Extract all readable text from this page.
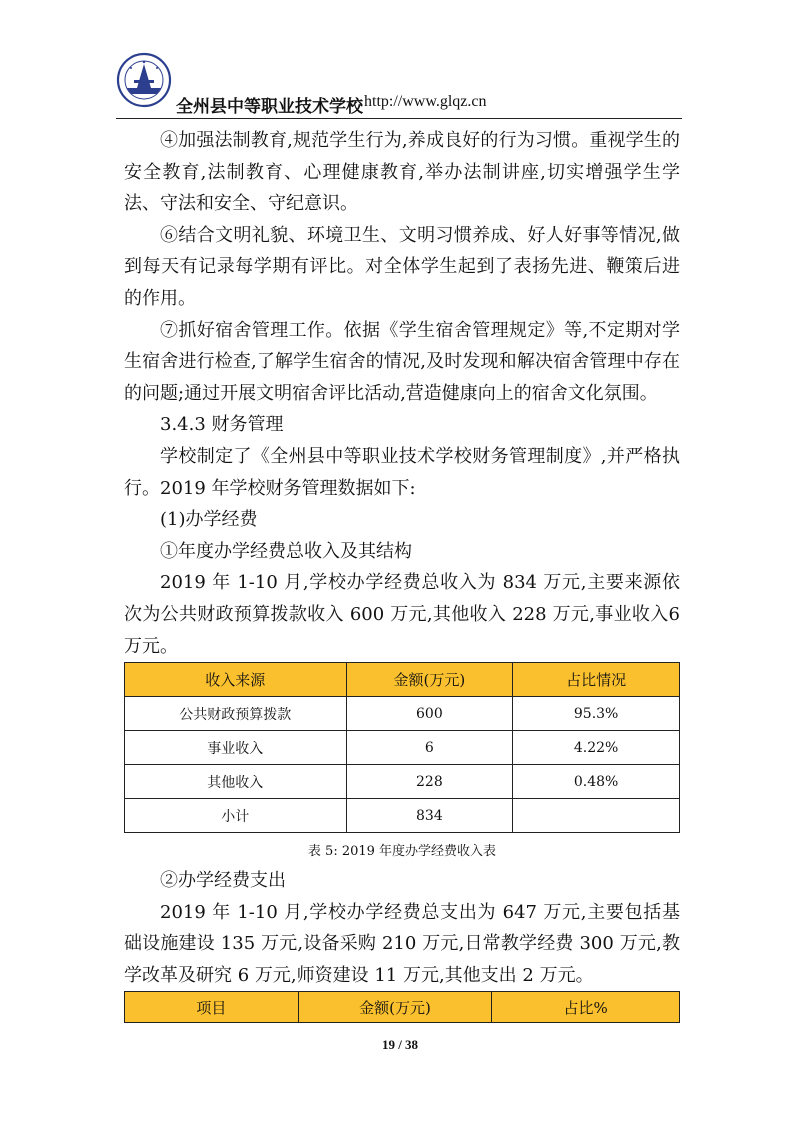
全州县中等职业技术学校 http://www.glqz.cn

④加强法制教育,规范学生行为,养成良好的行为习惯。重视学生的安全教育,法制教育、心理健康教育,举办法制讲座,切实增强学生学法、守法和安全、守纪意识。

⑥结合文明礼貌、环境卫生、文明习惯养成、好人好事等情况,做到每天有记录每学期有评比。对全体学生起到了表扬先进、鞭策后进的作用。

⑦抓好宿舍管理工作。依据《学生宿舍管理规定》等,不定期对学生宿舍进行检查,了解学生宿舍的情况,及时发现和解决宿舍管理中存在的问题;通过开展文明宿舍评比活动,营造健康向上的宿舍文化氛围。

3.4.3 财务管理

学校制定了《全州县中等职业技术学校财务管理制度》,并严格执行。2019 年学校财务管理数据如下:

(1)办学经费

①年度办学经费总收入及其结构

2019 年 1-10 月,学校办学经费总收入为 834 万元,主要来源依次为公共财政预算拨款收入 600 万元,其他收入 228 万元,事业收入6 万元。

收入来源	金额(万元)	占比情况
公共财政预算拨款	600	95.3%
事业收入	6	4.22%
其他收入	228	0.48%
小计	834	
表 5: 2019 年度办学经费收入表

②办学经费支出

2019 年 1-10 月,学校办学经费总支出为 647 万元,主要包括基础设施建设 135 万元,设备采购 210 万元,日常教学经费 300 万元,教学改革及研究 6 万元,师资建设 11 万元,其他支出 2 万元。

项目	金额(万元)	占比%
19 / 38
